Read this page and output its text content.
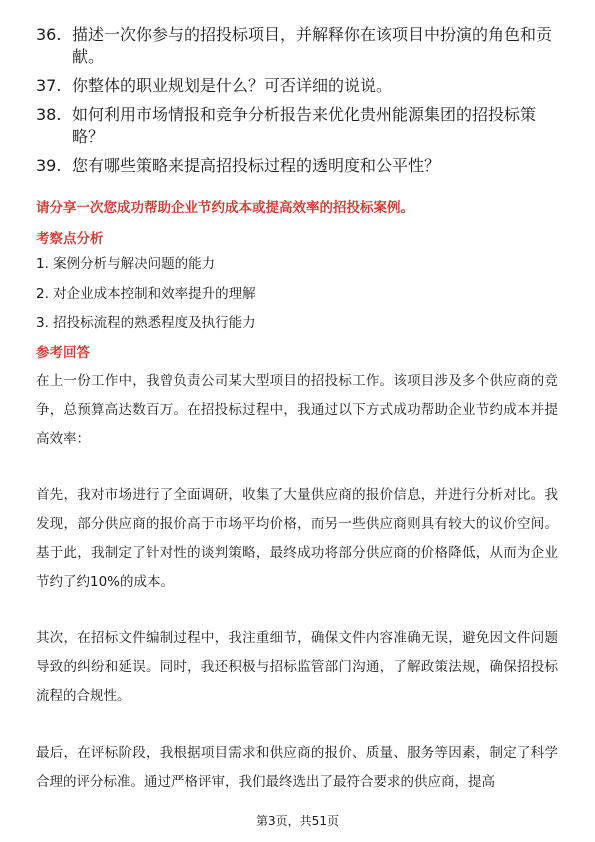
36. 描述一次你参与的招投标项目，并解释你在该项目中扮演的角色和贡献。
37. 你整体的职业规划是什么？可否详细的说说。
38. 如何利用市场情报和竞争分析报告来优化贵州能源集团的招投标策略？
39. 您有哪些策略来提高招投标过程的透明度和公平性？
请分享一次您成功帮助企业节约成本或提高效率的招投标案例。
考察点分析
1. 案例分析与解决问题的能力
2. 对企业成本控制和效率提升的理解
3. 招投标流程的熟悉程度及执行能力
参考回答
在上一份工作中，我曾负责公司某大型项目的招投标工作。该项目涉及多个供应商的竞争，总预算高达数百万。在招投标过程中，我通过以下方式成功帮助企业节约成本并提高效率：
首先，我对市场进行了全面调研，收集了大量供应商的报价信息，并进行分析对比。我发现，部分供应商的报价高于市场平均价格，而另一些供应商则具有较大的议价空间。基于此，我制定了针对性的谈判策略，最终成功将部分供应商的价格降低，从而为企业节约了约10%的成本。
其次，在招标文件编制过程中，我注重细节，确保文件内容准确无误，避免因文件问题导致的纠纷和延误。同时，我还积极与招标监管部门沟通，了解政策法规，确保招投标流程的合规性。
最后，在评标阶段，我根据项目需求和供应商的报价、质量、服务等因素，制定了科学合理的评分标准。通过严格评审，我们最终选出了最符合要求的供应商，提高
第3页，共51页
